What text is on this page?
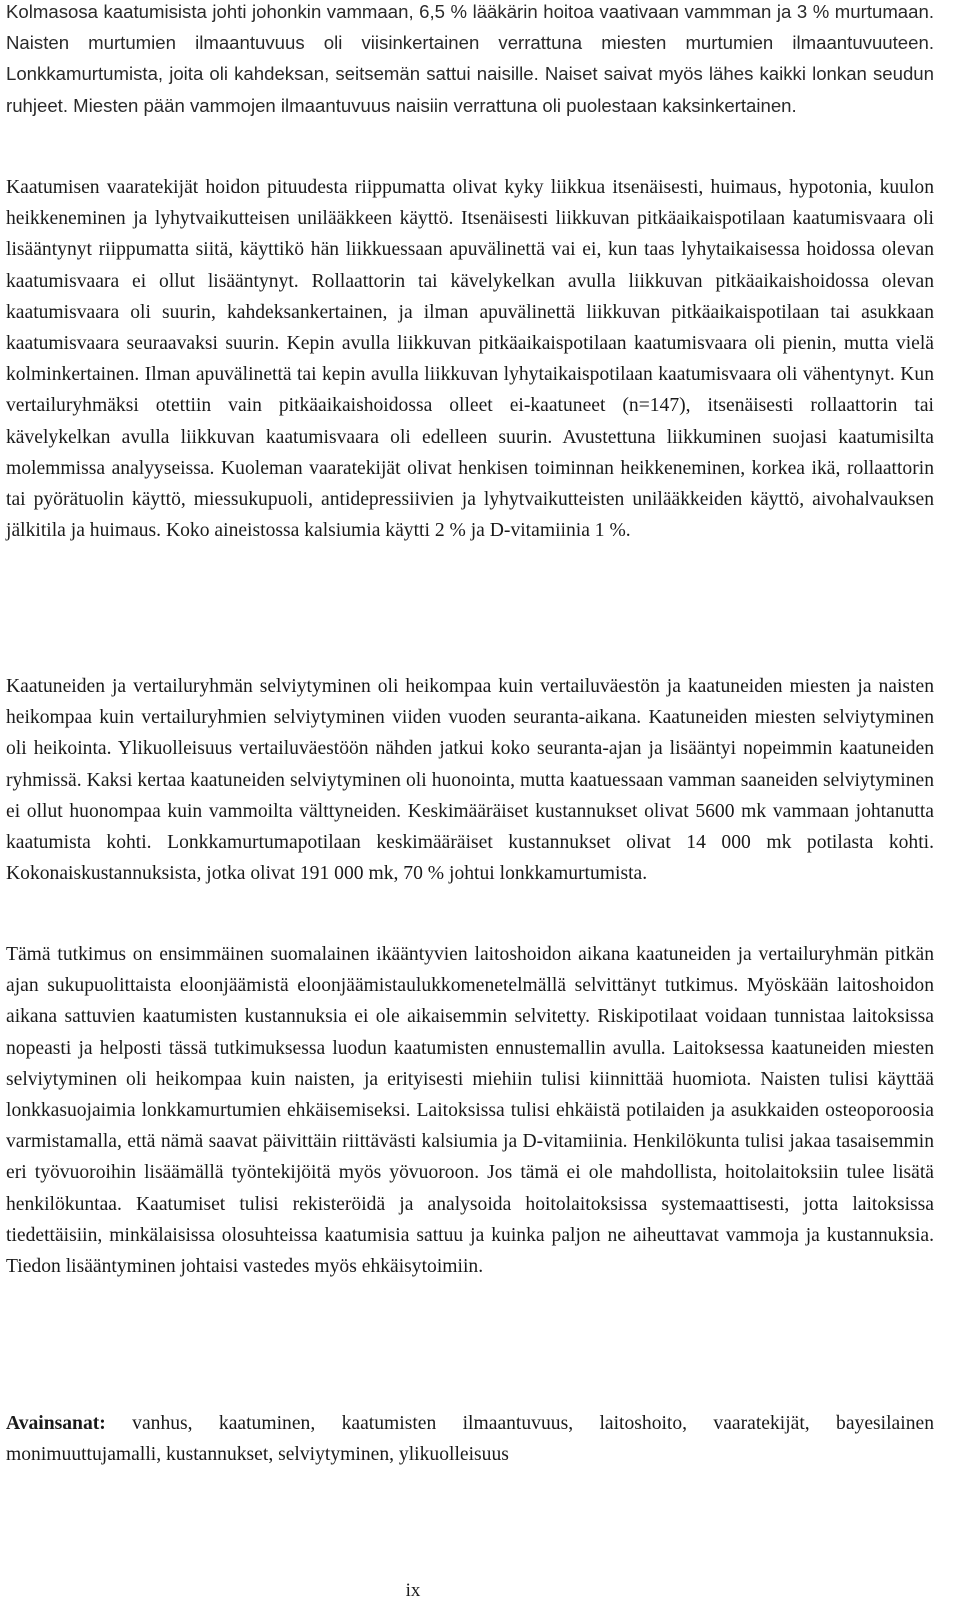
Kolmasosa kaatumisista johti johonkin vammaan, 6,5 % lääkärin hoitoa vaativaan vammman ja 3 % murtumaan. Naisten murtumien ilmaantuvuus oli viisinkertainen verrattuna miesten murtumien ilmaantuvuuteen. Lonkkamurtumista, joita oli kahdeksan, seitsemän sattui naisille. Naiset saivat myös lähes kaikki lonkan seudun ruhjeet. Miesten pään vammojen ilmaantuvuus naisiin verrattuna oli puolestaan kaksinkertainen.

Kaatumisen vaaratekijät hoidon pituudesta riippumatta olivat kyky liikkua itsenäisesti, huimaus, hypotonia, kuulon heikkeneminen ja lyhytvaikutteisen unilääkkeen käyttö. Itsenäisesti liikkuvan pitkäaikaispotilaan kaatumisvaara oli lisääntynyt riippumatta siitä, käyttikö hän liikkuessaan apuvälinettä vai ei, kun taas lyhytaikaisessa hoidossa olevan kaatumisvaara ei ollut lisääntynyt. Rollaattorin tai kävelykelkan avulla liikkuvan pitkäaikaishoidossa olevan kaatumisvaara oli suurin, kahdeksankertainen, ja ilman apuvälinettä liikkuvan pitkäaikaispotilaan tai asukkaan kaatumisvaara seuraavaksi suurin. Kepin avulla liikkuvan pitkäaikaispotilaan kaatumisvaara oli pienin, mutta vielä kolminkertainen. Ilman apuvälinettä tai kepin avulla liikkuvan lyhytaikaispotilaan kaatumisvaara oli vähentynyt. Kun vertailuryhmäksi otettiin vain pitkäaikaishoidossa olleet ei-kaatuneet (n=147), itsenäisesti rollaattorin tai kävelykelkan avulla liikkuvan kaatumisvaara oli edelleen suurin. Avustettuna liikkuminen suojasi kaatumisilta molemmissa analyyseissa. Kuoleman vaaratekijät olivat henkisen toiminnan heikkeneminen, korkea ikä, rollaattorin tai pyörätuolin käyttö, miessukupuoli, antidepressiivien ja lyhytvaikutteisten unilääkkeiden käyttö, aivohalvauksen jälkitila ja huimaus. Koko aineistossa kalsiumia käytti 2 % ja D-vitamiinia 1 %.

Kaatuneiden ja vertailuryhmän selviytyminen oli heikompaa kuin vertailuväestön ja kaatuneiden miesten ja naisten heikompaa kuin vertailuryhmien selviytyminen viiden vuoden seuranta-aikana. Kaatuneiden miesten selviytyminen oli heikointa. Ylikuolleisuus vertailuväestöön nähden jatkui koko seuranta-ajan ja lisääntyi nopeimmin kaatuneiden ryhmissä. Kaksi kertaa kaatuneiden selviytyminen oli huonointa, mutta kaatuessaan vamman saaneiden selviytyminen ei ollut huonompaa kuin vammoilta välttyneiden. Keskimääräiset kustannukset olivat 5600 mk vammaan johtanutta kaatumista kohti. Lonkkamurtumapotilaan keskimääräiset kustannukset olivat 14 000 mk potilasta kohti. Kokonaiskustannuksista, jotka olivat 191 000 mk, 70 % johtui lonkkamurtumista.

Tämä tutkimus on ensimmäinen suomalainen ikääntyvien laitoshoidon aikana kaatuneiden ja vertailuryhmän pitkän ajan sukupuolittaista eloonjäämistä eloonjäämistaulukkomenetelmällä selvittänyt tutkimus. Myöskään laitoshoidon aikana sattuvien kaatumisten kustannuksia ei ole aikaisemmin selvitetty. Riskipotilaat voidaan tunnistaa laitoksissa nopeasti ja helposti tässä tutkimuksessa luodun kaatumisten ennustemallin avulla. Laitoksessa kaatuneiden miesten selviytyminen oli heikompaa kuin naisten, ja erityisesti miehiin tulisi kiinnittää huomiota. Naisten tulisi käyttää lonkkasuojaimia lonkkamurtumien ehkäisemiseksi. Laitoksissa tulisi ehkäistä potilaiden ja asukkaiden osteoporoosia varmistamalla, että nämä saavat päivittäin riittävästi kalsiumia ja D-vitamiinia. Henkilökunta tulisi jakaa tasaisemmin eri työvuoroihin lisäämällä työntekijöitä myös yövuoroon. Jos tämä ei ole mahdollista, hoitolaitoksiin tulee lisätä henkilökuntaa. Kaatumiset tulisi rekisteröidä ja analysoida hoitolaitoksissa systemaattisesti, jotta laitoksissa tiedettäisiin, minkälaisissa olosuhteissa kaatumisia sattuu ja kuinka paljon ne aiheuttavat vammoja ja kustannuksia. Tiedon lisääntyminen johtaisi vastedes myös ehkäisytoimiin.

Avainsanat: vanhus, kaatuminen, kaatumisten ilmaantuvuus, laitoshoito, vaaratekijät, bayesilainen monimuuttujamalli, kustannukset, selviytyminen, ylikuolleisuus

ix
